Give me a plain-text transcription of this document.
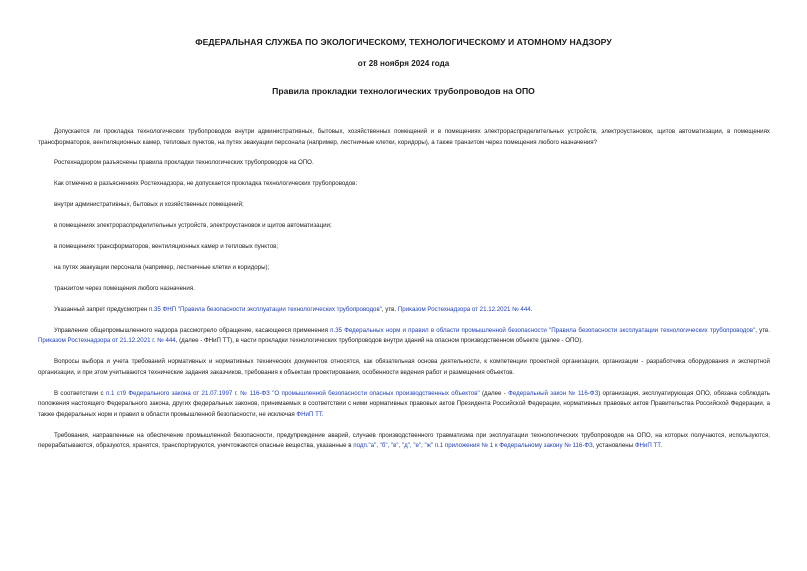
ФЕДЕРАЛЬНАЯ СЛУЖБА ПО ЭКОЛОГИЧЕСКОМУ, ТЕХНОЛОГИЧЕСКОМУ И АТОМНОМУ НАДЗОРУ
от 28 ноября 2024 года
Правила прокладки технологических трубопроводов на ОПО

Допускается ли прокладка технологических трубопроводов внутри административных, бытовых, хозяйственных помещений и в помещениях электрораспределительных устройств, электроустановок, щитов автоматизации, в помещениях трансформаторов, вентиляционных камер, тепловых пунктов, на путях эвакуации персонала (например, лестничные клетки, коридоры), а также транзитом через помещения любого назначения?

Ростехнадзором разъяснены правила прокладки технологических трубопроводов на ОПО.

Как отмечено в разъяснениях Ростехнадзора, не допускается прокладка технологических трубопроводов:

внутри административных, бытовых и хозяйственных помещений;

в помещениях электрораспределительных устройств, электроустановок и щитов автоматизации;

в помещениях трансформаторов, вентиляционных камер и тепловых пунктов;

на путях эвакуации персонала (например, лестничные клетки и коридоры);

транзитом через помещения любого назначения.

Указанный запрет предусмотрен п.35 ФНП "Правила безопасности эксплуатации технологических трубопроводов", утв. Приказом Ростехнадзора от 21.12.2021 № 444.

Управление общепромышленного надзора рассмотрело обращение, касающееся применения п.35 Федеральных норм и правил в области промышленной безопасности "Правила безопасности эксплуатации технологических трубопроводов", утв. Приказом Ростехнадзора от 21.12.2021 г. № 444, (далее - ФНиП ТТ), в части прокладки технологических трубопроводов внутри зданий на опасном производственном объекте (далее - ОПО).

Вопросы выбора и учета требований нормативных и нормативных технических документов относятся, как обязательная основа деятельности, к компетенции проектной организации, организации - разработчика оборудования и экспертной организации, и при этом учитываются технические задания заказчиков, требования к объектам проектирования, особенности ведения работ и размещения объектов.

В соответствии с п.1 ст9 Федерального закона от 21.07.1997 г. № 116-ФЗ "О промышленной безопасности опасных производственных объектов" (далее - Федеральный закон № 116-ФЗ) организация, эксплуатирующая ОПО, обязана соблюдать положения настоящего Федерального закона, других федеральных законов, принимаемых в соответствии с ними нормативных правовых актов Президента Российской Федерации, нормативных правовых актов Правительства Российской Федерации, а также федеральных норм и правил в области промышленной безопасности, не исключая ФНиП ТТ.

Требования, направленные на обеспечение промышленной безопасности, предупреждение аварий, случаев производственного травматизма при эксплуатации технологических трубопроводов на ОПО, на которых получаются, используются, перерабатываются, образуются, хранятся, транспортируются, уничтожаются опасные вещества, указанные в подп."а", "б", "в", "д", "е", "ж" п.1 приложения № 1 к Федеральному закону № 116-ФЗ, установлены ФНиП ТТ.
